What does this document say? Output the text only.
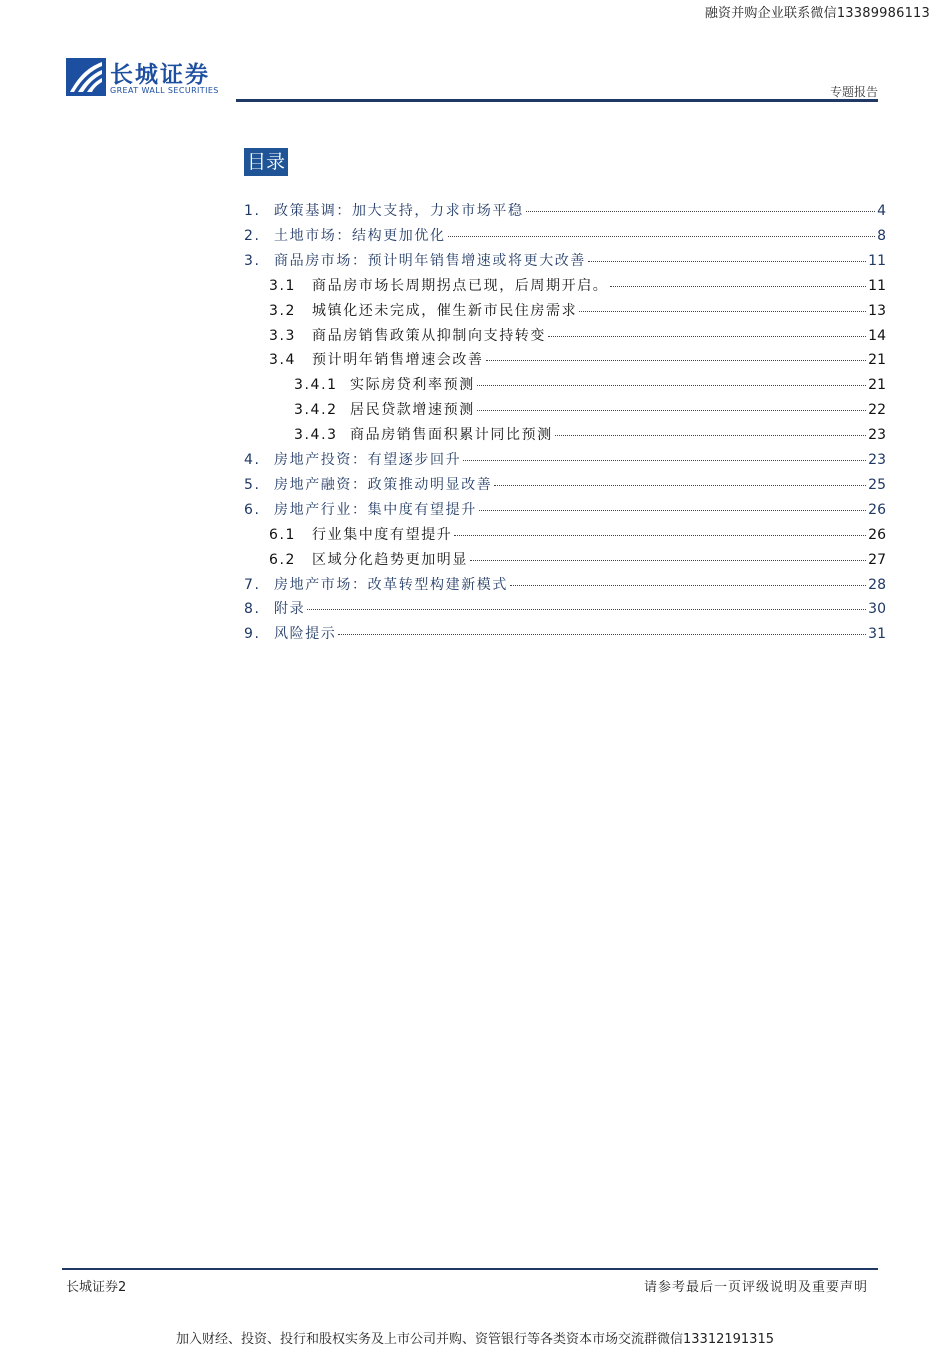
融资并购企业联系微信13389986113
长城证券
GREAT WALL SECURITIES	专题报告
目录
1. 政策基调：加大支持，力求市场平稳	4
2. 土地市场：结构更加优化	8
3. 商品房市场：预计明年销售增速或将更大改善	11
3.1	商品房市场长周期拐点已现，后周期开启。	11
3.2	城镇化还未完成，催生新市民住房需求	13
3.3	商品房销售政策从抑制向支持转变	14
3.4	预计明年销售增速会改善	21
3.4.1 实际房贷利率预测	21
3.4.2 居民贷款增速预测	22
3.4.3 商品房销售面积累计同比预测	23
4. 房地产投资：有望逐步回升	23
5. 房地产融资：政策推动明显改善	25
6. 房地产行业：集中度有望提升	26
6.1	行业集中度有望提升	26
6.2	区域分化趋势更加明显	27
7. 房地产市场：改革转型构建新模式	28
8. 附录	30
9. 风险提示	31
长城证券2	请参考最后一页评级说明及重要声明
加入财经、投资、投行和股权实务及上市公司并购、资管银行等各类资本市场交流群微信13312191315
